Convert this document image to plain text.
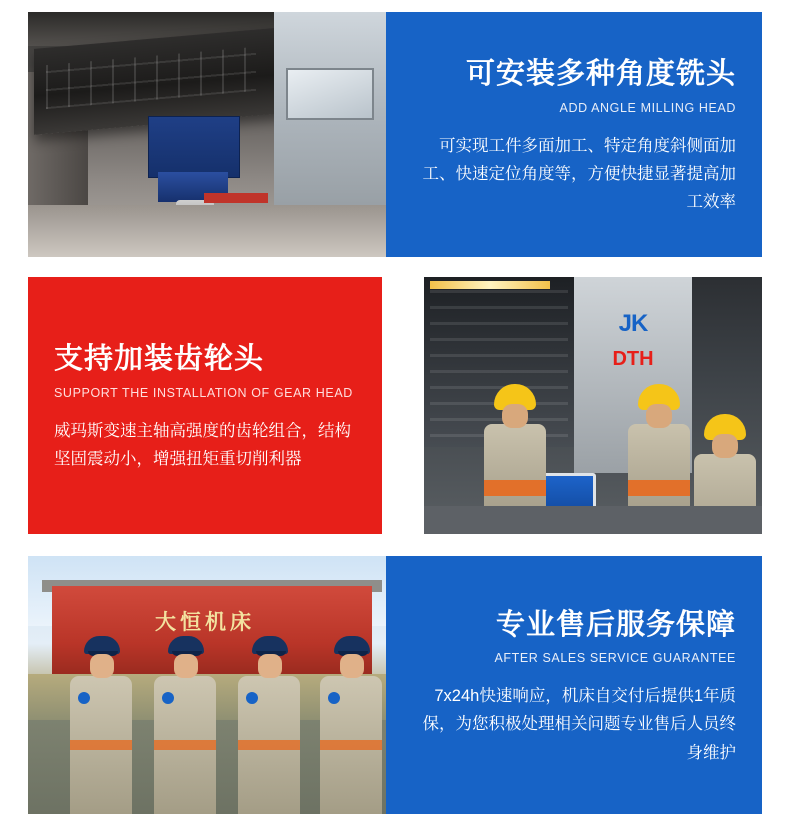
可安装多种角度铣头
ADD ANGLE MILLING HEAD
可实现工件多面加工、特定角度斜侧面加工、快速定位角度等，方便快捷显著提高加工效率
支持加装齿轮头
SUPPORT THE INSTALLATION OF GEAR HEAD
威玛斯变速主轴高强度的齿轮组合，结构坚固震动小，增强扭矩重切削利器
JK
DTH
大恒机床	专业售后服务保障
AFTER SALES SERVICE GUARANTEE
7x24h快速响应，机床自交付后提供1年质保，为您积极处理相关问题专业售后人员终身维护
